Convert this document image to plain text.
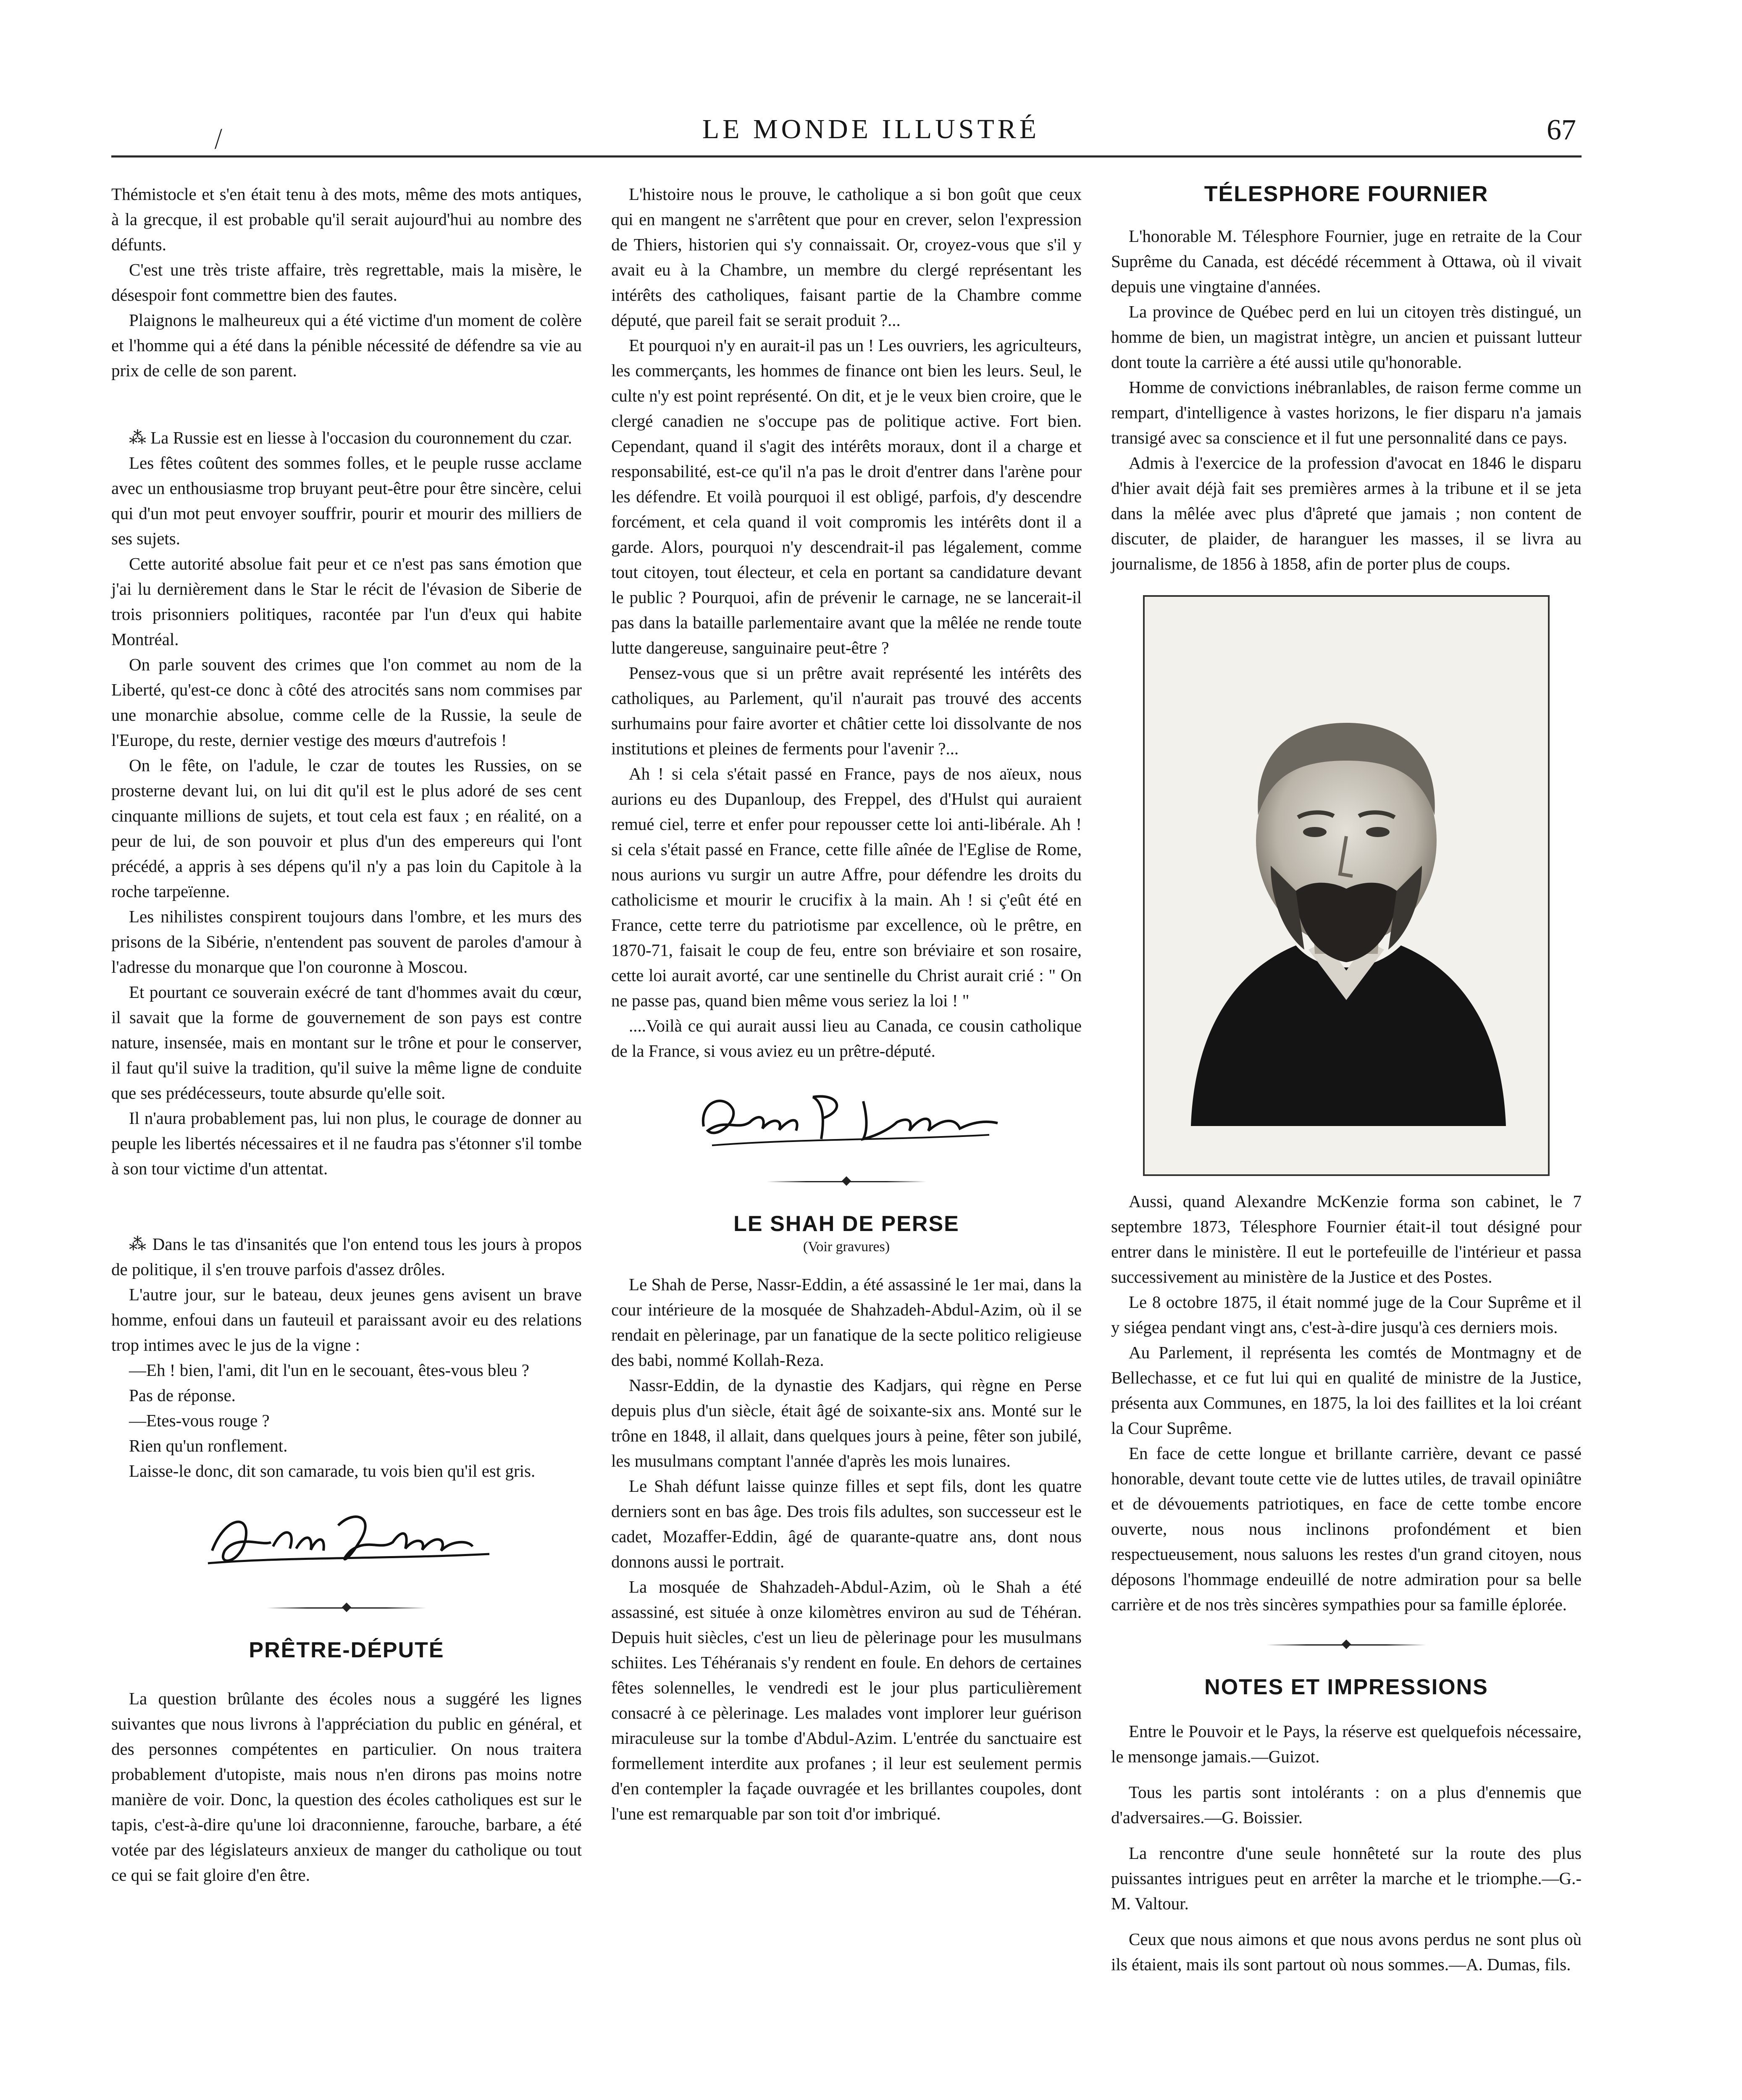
⁄	LE MONDE ILLUSTRÉ	67

Thémistocle et s'en était tenu à des mots, même des mots antiques, à la grecque, il est probable qu'il serait aujourd'hui au nombre des défunts.

C'est une très triste affaire, très regrettable, mais la misère, le désespoir font commettre bien des fautes.

Plaignons le malheureux qui a été victime d'un moment de colère et l'homme qui a été dans la pénible nécessité de défendre sa vie au prix de celle de son parent.

⁂ La Russie est en liesse à l'occasion du couronnement du czar.

Les fêtes coûtent des sommes folles, et le peuple russe acclame avec un enthousiasme trop bruyant peut-être pour être sincère, celui qui d'un mot peut envoyer souffrir, pourir et mourir des milliers de ses sujets.

Cette autorité absolue fait peur et ce n'est pas sans émotion que j'ai lu dernièrement dans le Star le récit de l'évasion de Siberie de trois prisonniers politiques, racontée par l'un d'eux qui habite Montréal.

On parle souvent des crimes que l'on commet au nom de la Liberté, qu'est-ce donc à côté des atrocités sans nom commises par une monarchie absolue, comme celle de la Russie, la seule de l'Europe, du reste, dernier vestige des mœurs d'autrefois !

On le fête, on l'adule, le czar de toutes les Russies, on se prosterne devant lui, on lui dit qu'il est le plus adoré de ses cent cinquante millions de sujets, et tout cela est faux ; en réalité, on a peur de lui, de son pouvoir et plus d'un des empereurs qui l'ont précédé, a appris à ses dépens qu'il n'y a pas loin du Capitole à la roche tarpeïenne.

Les nihilistes conspirent toujours dans l'ombre, et les murs des prisons de la Sibérie, n'entendent pas souvent de paroles d'amour à l'adresse du monarque que l'on couronne à Moscou.

Et pourtant ce souverain exécré de tant d'hommes avait du cœur, il savait que la forme de gouvernement de son pays est contre nature, insensée, mais en montant sur le trône et pour le conserver, il faut qu'il suive la tradition, qu'il suive la même ligne de conduite que ses prédécesseurs, toute absurde qu'elle soit.

Il n'aura probablement pas, lui non plus, le courage de donner au peuple les libertés nécessaires et il ne faudra pas s'étonner s'il tombe à son tour victime d'un attentat.

⁂ Dans le tas d'insanités que l'on entend tous les jours à propos de politique, il s'en trouve parfois d'assez drôles.

L'autre jour, sur le bateau, deux jeunes gens avisent un brave homme, enfoui dans un fauteuil et paraissant avoir eu des relations trop intimes avec le jus de la vigne :

—Eh ! bien, l'ami, dit l'un en le secouant, êtes-vous bleu ?

Pas de réponse.

—Etes-vous rouge ?

Rien qu'un ronflement.

Laisse-le donc, dit son camarade, tu vois bien qu'il est gris.

PRÊTRE-DÉPUTÉ

La question brûlante des écoles nous a suggéré les lignes suivantes que nous livrons à l'appréciation du public en général, et des personnes compétentes en particulier. On nous traitera probablement d'utopiste, mais nous n'en dirons pas moins notre manière de voir. Donc, la question des écoles catholiques est sur le tapis, c'est-à-dire qu'une loi draconnienne, farouche, barbare, a été votée par des législateurs anxieux de manger du catholique ou tout ce qui se fait gloire d'en être.

L'histoire nous le prouve, le catholique a si bon goût que ceux qui en mangent ne s'arrêtent que pour en crever, selon l'expression de Thiers, historien qui s'y connaissait. Or, croyez-vous que s'il y avait eu à la Chambre, un membre du clergé représentant les intérêts des catholiques, faisant partie de la Chambre comme député, que pareil fait se serait produit ?...

Et pourquoi n'y en aurait-il pas un ! Les ouvriers, les agriculteurs, les commerçants, les hommes de finance ont bien les leurs. Seul, le culte n'y est point représenté. On dit, et je le veux bien croire, que le clergé canadien ne s'occupe pas de politique active. Fort bien. Cependant, quand il s'agit des intérêts moraux, dont il a charge et responsabilité, est-ce qu'il n'a pas le droit d'entrer dans l'arène pour les défendre. Et voilà pourquoi il est obligé, parfois, d'y descendre forcément, et cela quand il voit compromis les intérêts dont il a garde. Alors, pourquoi n'y descendrait-il pas légalement, comme tout citoyen, tout électeur, et cela en portant sa candidature devant le public ? Pourquoi, afin de prévenir le carnage, ne se lancerait-il pas dans la bataille parlementaire avant que la mêlée ne rende toute lutte dangereuse, sanguinaire peut-être ?

Pensez-vous que si un prêtre avait représenté les intérêts des catholiques, au Parlement, qu'il n'aurait pas trouvé des accents surhumains pour faire avorter et châtier cette loi dissolvante de nos institutions et pleines de ferments pour l'avenir ?...

Ah ! si cela s'était passé en France, pays de nos aïeux, nous aurions eu des Dupanloup, des Freppel, des d'Hulst qui auraient remué ciel, terre et enfer pour repousser cette loi anti-libérale. Ah ! si cela s'était passé en France, cette fille aînée de l'Eglise de Rome, nous aurions vu surgir un autre Affre, pour défendre les droits du catholicisme et mourir le crucifix à la main. Ah ! si ç'eût été en France, cette terre du patriotisme par excellence, où le prêtre, en 1870-71, faisait le coup de feu, entre son bréviaire et son rosaire, cette loi aurait avorté, car une sentinelle du Christ aurait crié : " On ne passe pas, quand bien même vous seriez la loi ! "

....Voilà ce qui aurait aussi lieu au Canada, ce cousin catholique de la France, si vous aviez eu un prêtre-député.

LE SHAH DE PERSE
(Voir gravures)

Le Shah de Perse, Nassr-Eddin, a été assassiné le 1er mai, dans la cour intérieure de la mosquée de Shahzadeh-Abdul-Azim, où il se rendait en pèlerinage, par un fanatique de la secte politico religieuse des babi, nommé Kollah-Reza.

Nassr-Eddin, de la dynastie des Kadjars, qui règne en Perse depuis plus d'un siècle, était âgé de soixante-six ans. Monté sur le trône en 1848, il allait, dans quelques jours à peine, fêter son jubilé, les musulmans comptant l'année d'après les mois lunaires.

Le Shah défunt laisse quinze filles et sept fils, dont les quatre derniers sont en bas âge. Des trois fils adultes, son successeur est le cadet, Mozaffer-Eddin, âgé de quarante-quatre ans, dont nous donnons aussi le portrait.

La mosquée de Shahzadeh-Abdul-Azim, où le Shah a été assassiné, est située à onze kilomètres environ au sud de Téhéran. Depuis huit siècles, c'est un lieu de pèlerinage pour les musulmans schiites. Les Téhéranais s'y rendent en foule. En dehors de certaines fêtes solennelles, le vendredi est le jour plus particulièrement consacré à ce pèlerinage. Les malades vont implorer leur guérison miraculeuse sur la tombe d'Abdul-Azim. L'entrée du sanctuaire est formellement interdite aux profanes ; il leur est seulement permis d'en contempler la façade ouvragée et les brillantes coupoles, dont l'une est remarquable par son toit d'or imbriqué.

TÉLESPHORE FOURNIER

L'honorable M. Télesphore Fournier, juge en retraite de la Cour Suprême du Canada, est décédé récemment à Ottawa, où il vivait depuis une vingtaine d'années.

La province de Québec perd en lui un citoyen très distingué, un homme de bien, un magistrat intègre, un ancien et puissant lutteur dont toute la carrière a été aussi utile qu'honorable.

Homme de convictions inébranlables, de raison ferme comme un rempart, d'intelligence à vastes horizons, le fier disparu n'a jamais transigé avec sa conscience et il fut une personnalité dans ce pays.

Admis à l'exercice de la profession d'avocat en 1846 le disparu d'hier avait déjà fait ses premières armes à la tribune et il se jeta dans la mêlée avec plus d'âpreté que jamais ; non content de discuter, de plaider, de haranguer les masses, il se livra au journalisme, de 1856 à 1858, afin de porter plus de coups.

Aussi, quand Alexandre McKenzie forma son cabinet, le 7 septembre 1873, Télesphore Fournier était-il tout désigné pour entrer dans le ministère. Il eut le portefeuille de l'intérieur et passa successivement au ministère de la Justice et des Postes.

Le 8 octobre 1875, il était nommé juge de la Cour Suprême et il y siégea pendant vingt ans, c'est-à-dire jusqu'à ces derniers mois.

Au Parlement, il représenta les comtés de Montmagny et de Bellechasse, et ce fut lui qui en qualité de ministre de la Justice, présenta aux Communes, en 1875, la loi des faillites et la loi créant la Cour Suprême.

En face de cette longue et brillante carrière, devant ce passé honorable, devant toute cette vie de luttes utiles, de travail opiniâtre et de dévouements patriotiques, en face de cette tombe encore ouverte, nous nous inclinons profondément et bien respectueusement, nous saluons les restes d'un grand citoyen, nous déposons l'hommage endeuillé de notre admiration pour sa belle carrière et de nos très sincères sympathies pour sa famille éplorée.

NOTES ET IMPRESSIONS

Entre le Pouvoir et le Pays, la réserve est quelquefois nécessaire, le mensonge jamais.—Guizot.

Tous les partis sont intolérants : on a plus d'ennemis que d'adversaires.—G. Boissier.

La rencontre d'une seule honnêteté sur la route des plus puissantes intrigues peut en arrêter la marche et le triomphe.—G.-M. Valtour.

Ceux que nous aimons et que nous avons perdus ne sont plus où ils étaient, mais ils sont partout où nous sommes.—A. Dumas, fils.
